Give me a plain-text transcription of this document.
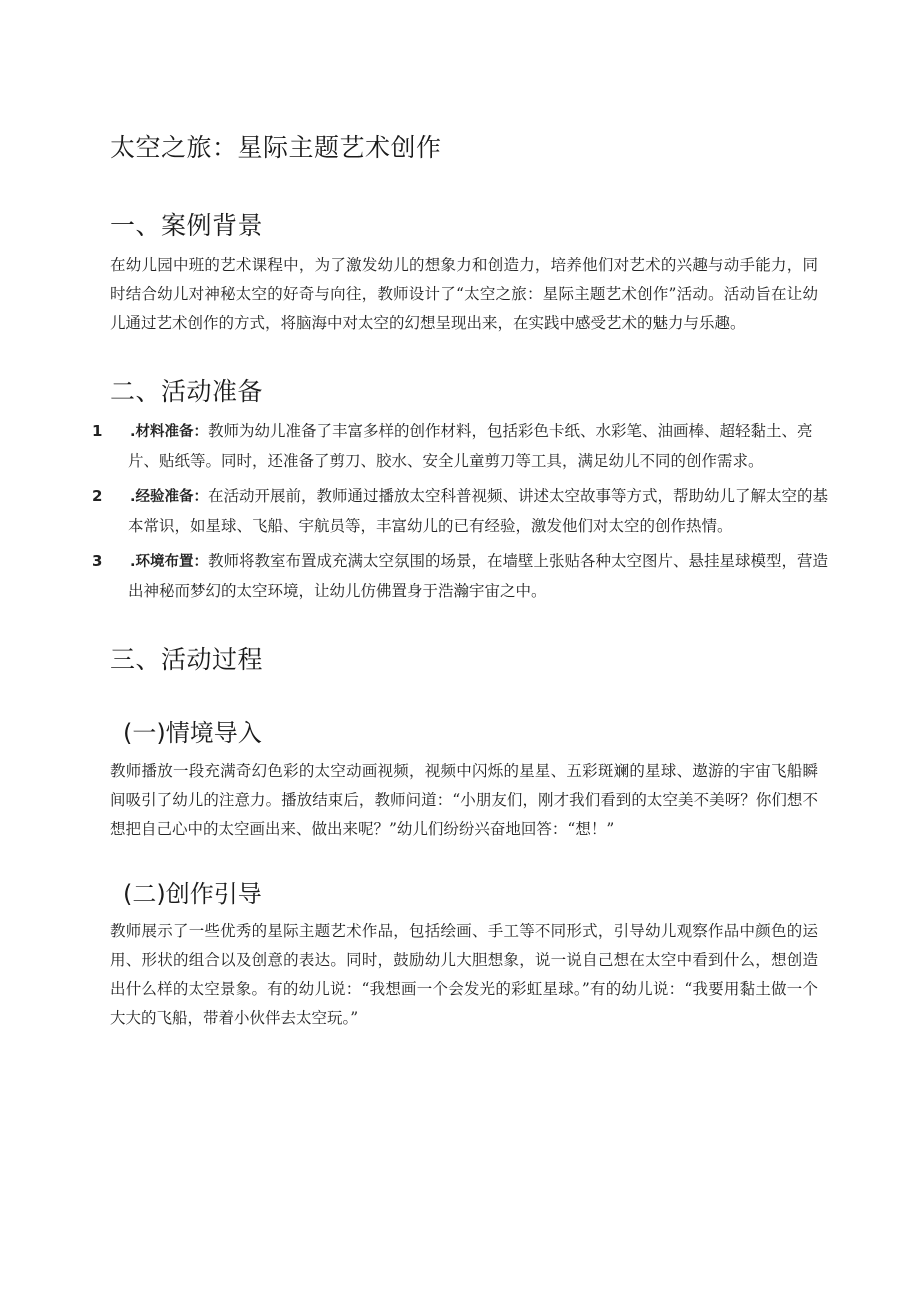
太空之旅：星际主题艺术创作
一、案例背景

在幼儿园中班的艺术课程中，为了激发幼儿的想象力和创造力，培养他们对艺术的兴趣与动手能力，同时结合幼儿对神秘太空的好奇与向往，教师设计了“太空之旅：星际主题艺术创作”活动。活动旨在让幼儿通过艺术创作的方式，将脑海中对太空的幻想呈现出来，在实践中感受艺术的魅力与乐趣。

二、活动准备
1 .材料准备：教师为幼儿准备了丰富多样的创作材料，包括彩色卡纸、水彩笔、油画棒、超轻黏土、亮片、贴纸等。同时，还准备了剪刀、胶水、安全儿童剪刀等工具，满足幼儿不同的创作需求。
2 .经验准备：在活动开展前，教师通过播放太空科普视频、讲述太空故事等方式，帮助幼儿了解太空的基本常识，如星球、飞船、宇航员等，丰富幼儿的已有经验，激发他们对太空的创作热情。
3 .环境布置：教师将教室布置成充满太空氛围的场景，在墙壁上张贴各种太空图片、悬挂星球模型，营造出神秘而梦幻的太空环境，让幼儿仿佛置身于浩瀚宇宙之中。
三、活动过程
(一)情境导入

教师播放一段充满奇幻色彩的太空动画视频，视频中闪烁的星星、五彩斑斓的星球、遨游的宇宙飞船瞬间吸引了幼儿的注意力。播放结束后，教师问道：“小朋友们，刚才我们看到的太空美不美呀？你们想不想把自己心中的太空画出来、做出来呢？”幼儿们纷纷兴奋地回答：“想！”

(二)创作引导

教师展示了一些优秀的星际主题艺术作品，包括绘画、手工等不同形式，引导幼儿观察作品中颜色的运用、形状的组合以及创意的表达。同时，鼓励幼儿大胆想象，说一说自己想在太空中看到什么，想创造出什么样的太空景象。有的幼儿说：“我想画一个会发光的彩虹星球。”有的幼儿说：“我要用黏土做一个大大的飞船，带着小伙伴去太空玩。”
